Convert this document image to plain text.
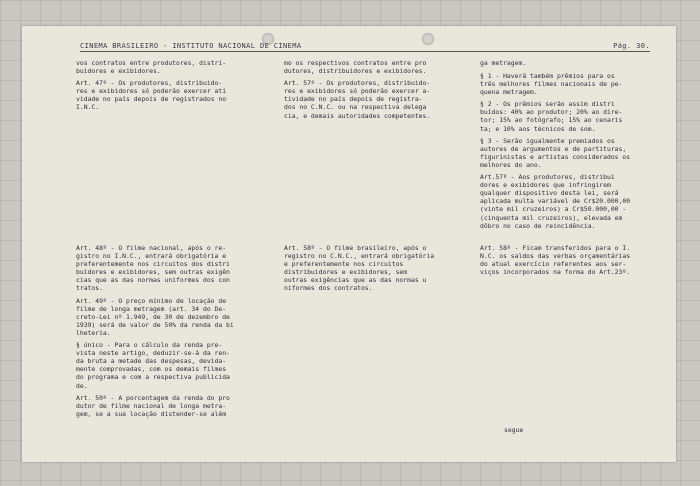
CINEMA BRASILEIRO - INSTITUTO NACIONAL DE CINEMA	Pág. 30.

vos contratos entre produtores, distri-
buidores e exibidores.

Art. 47º - Os produtores, distribuido-
res e exibidores só poderão exercer ati
vidade no país depois de registrados no
I.N.C.

mo os respectivos contratos entre pro
dutores, distribuidores e exibidores.

Art. 57º - Os produtores, distribuido-
res e exibidores só poderão exercer a-
tividade no país depois de registra-
dos no C.N.C. ou na respectiva delega
cia, e demais autoridades competentes.

ga metragem.

§ 1 - Haverá também prêmios para os
três melhores filmes nacionais de pe-
quena metragem.

§ 2 - Os prêmios serão assim distri
buídos: 40% ao produtor; 20% ao dire-
tor; 15% ao fotógrafo; 15% ao cenaris
ta; e 10% aos técnicos de som.

§ 3 - Serão igualmente premiados os
autores de argumentos e de partituras,
figurinistas e artistas considerados os
melhores do ano.

Art.57º - Aos produtores, distribui
dores e exibidores que infringirem
qualquer dispositivo desta lei, será
aplicada multa variável de Cr$20.000,00
(vinte mil cruzeiros) a Cr$50.000,00 -
(cinquenta mil cruzeiros), elevada em
dôbro no caso de reincidência.

Art. 48º - O filme nacional, após o re-
gistro no I.N.C., entrará obrigatória e
preferentemente nos circuitos dos distri
buidores e exibidores, sem outras exigên
cias que as das normas uniformes dos con
tratos.

Art. 49º - O preço mínimo de locação de
filme de longa metragem (art. 34 do De-
creto-Lei nº 1.949, de 30 de dezembro de
1939) será de valor de 50% da renda da bi
lheteria.

§ único - Para o cálculo da renda pre-
vista neste artigo, deduzir-se-á da ren-
da bruta a metade das despesas, devida-
mente comprovadas, com os demais filmes
do programa e com a respectiva publicida
de.

Art. 50º - A porcentagem da renda do pro
dutor de filme nacional de longa metra-
gem, se a sua locação distender-se além

Art. 58º - O filme brasileiro, após o
registro no C.N.C., entrará obrigatória
e preferentemente nos circuitos
distribuidores e exibidores, sem
outras exigências que as das normas u
niformes dos contratos.

Art. 58º - Ficam transferidos para o I.
N.C. os saldos das verbas orçamentárias
do atual exercício referentes aos ser-
viços incorporados na forma do Art.23º.

segue
